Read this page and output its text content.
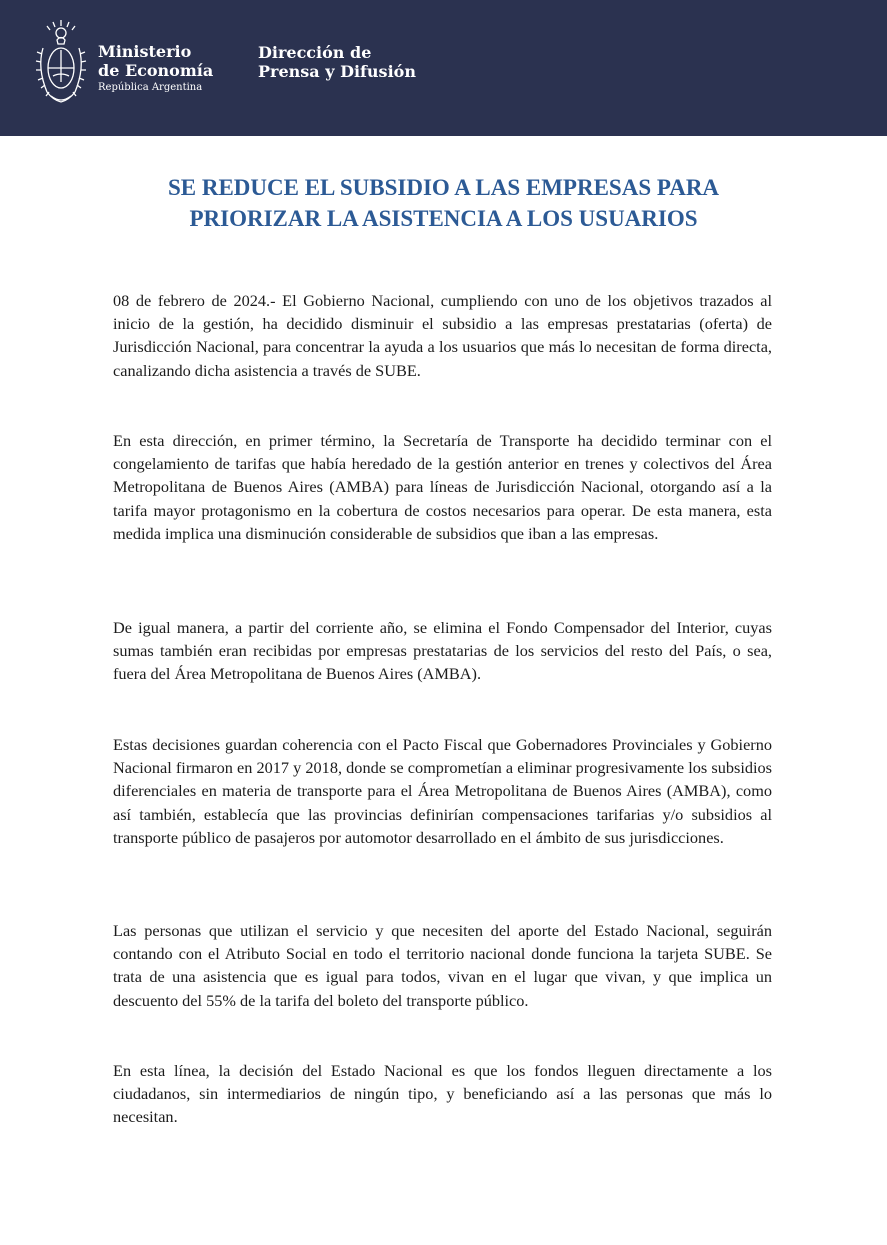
Ministerio
de Economía
República Argentina
Dirección de
Prensa y Difusión
SE REDUCE EL SUBSIDIO A LAS EMPRESAS PARA
PRIORIZAR LA ASISTENCIA A LOS USUARIOS

08 de febrero de 2024.- El Gobierno Nacional, cumpliendo con uno de los objetivos trazados al inicio de la gestión, ha decidido disminuir el subsidio a las empresas prestatarias (oferta) de Jurisdicción Nacional, para concentrar la ayuda a los usuarios que más lo necesitan de forma directa, canalizando dicha asistencia a través de SUBE.

En esta dirección, en primer término, la Secretaría de Transporte ha decidido terminar con el congelamiento de tarifas que había heredado de la gestión anterior en trenes y colectivos del Área Metropolitana de Buenos Aires (AMBA) para líneas de Jurisdicción Nacional, otorgando así a la tarifa mayor protagonismo en la cobertura de costos necesarios para operar. De esta manera, esta medida implica una disminución considerable de subsidios que iban a las empresas.

De igual manera, a partir del corriente año, se elimina el Fondo Compensador del Interior, cuyas sumas también eran recibidas por empresas prestatarias de los servicios del resto del País, o sea, fuera del Área Metropolitana de Buenos Aires (AMBA).

Estas decisiones guardan coherencia con el Pacto Fiscal que Gobernadores Provinciales y Gobierno Nacional firmaron en 2017 y 2018, donde se comprometían a eliminar progresivamente los subsidios diferenciales en materia de transporte para el Área Metropolitana de Buenos Aires (AMBA), como así también, establecía que las provincias definirían compensaciones tarifarias y/o subsidios al transporte público de pasajeros por automotor desarrollado en el ámbito de sus jurisdicciones.

Las personas que utilizan el servicio y que necesiten del aporte del Estado Nacional, seguirán contando con el Atributo Social en todo el territorio nacional donde funciona la tarjeta SUBE. Se trata de una asistencia que es igual para todos, vivan en el lugar que vivan, y que implica un descuento del 55% de la tarifa del boleto del transporte público.

En esta línea, la decisión del Estado Nacional es que los fondos lleguen directamente a los ciudadanos, sin intermediarios de ningún tipo, y beneficiando así a las personas que más lo necesitan.
